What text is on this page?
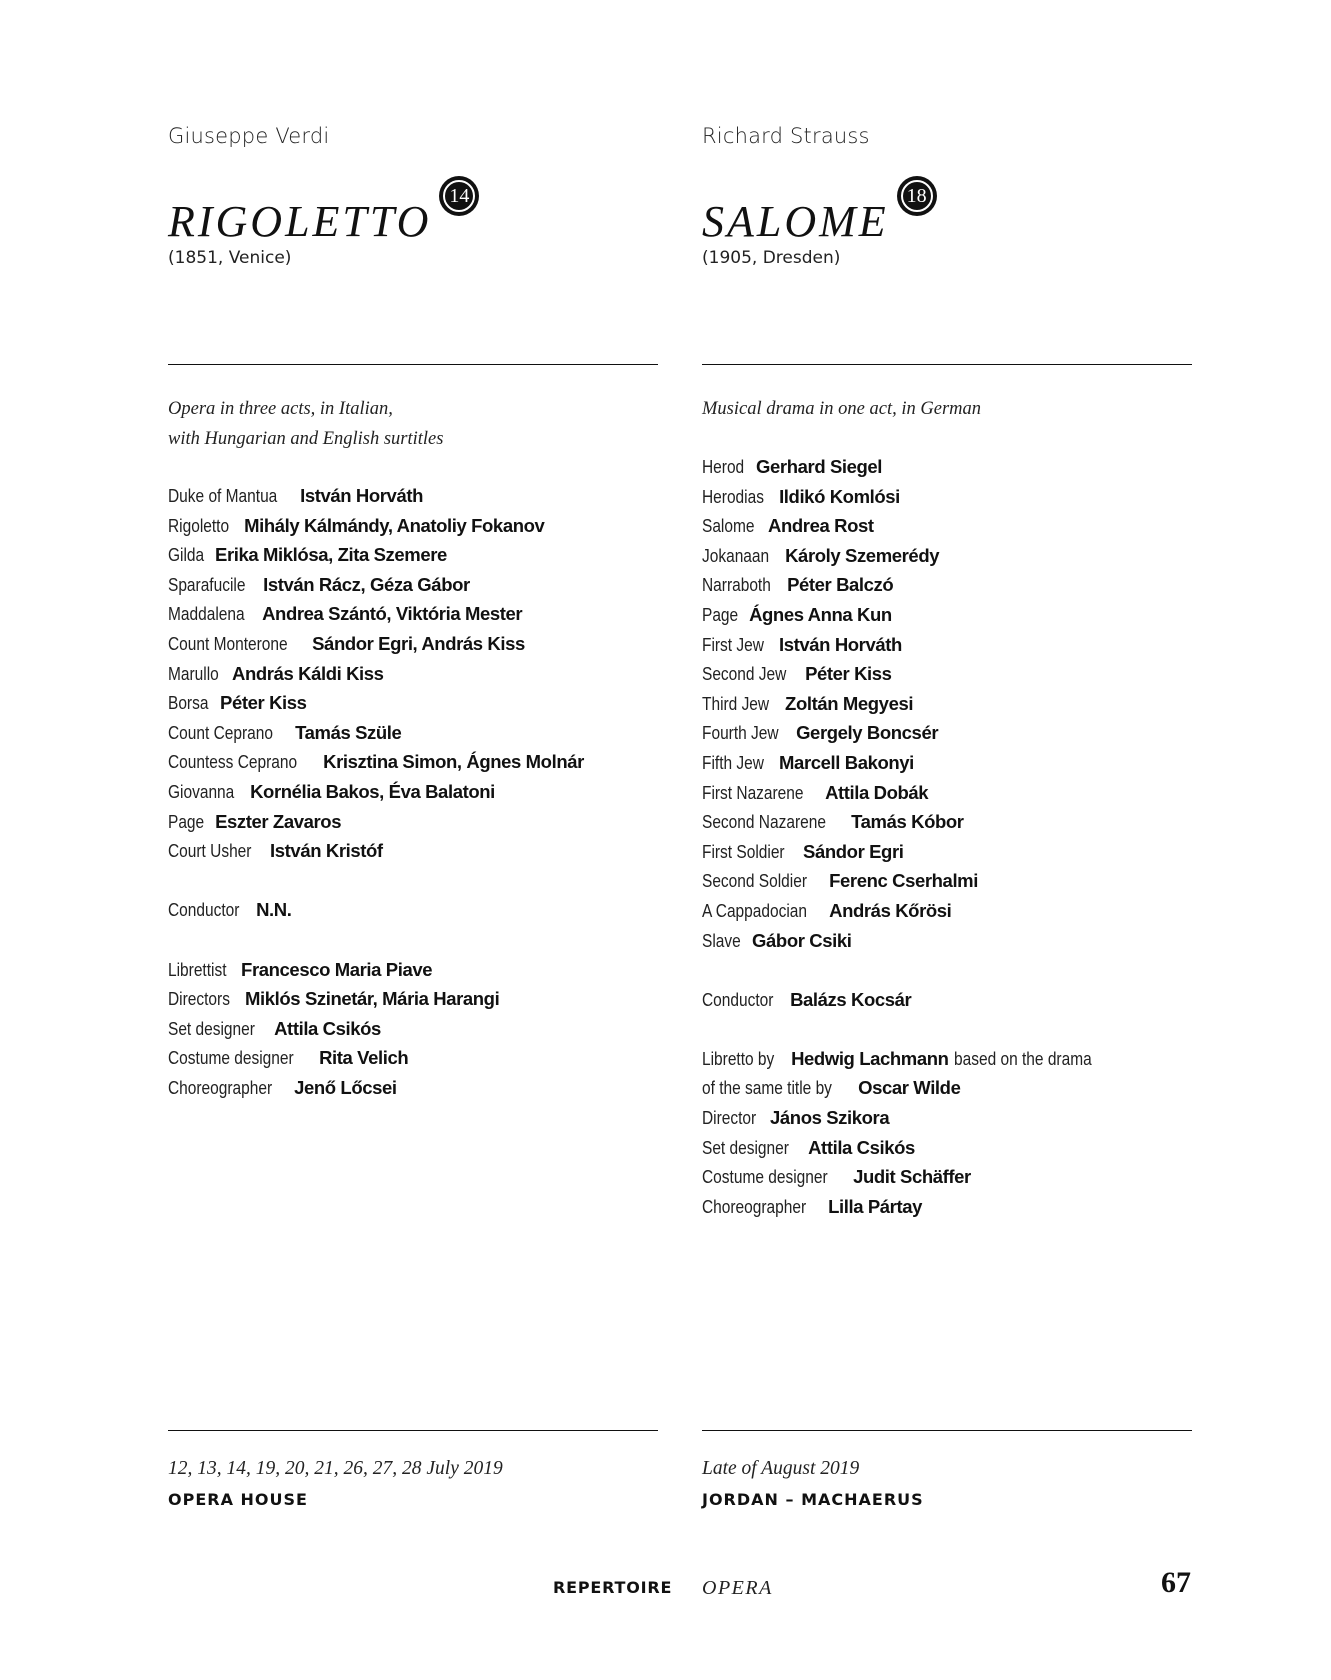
Giuseppe Verdi
RIGOLETTO
14
(1851, Venice)
Opera in three acts, in Italian,
with Hungarian and English surtitles
Duke of Mantua István Horváth
Rigoletto Mihály Kálmándy, Anatoliy Fokanov
Gilda Erika Miklósa, Zita Szemere
Sparafucile István Rácz, Géza Gábor
Maddalena Andrea Szántó, Viktória Mester
Count Monterone Sándor Egri, András Kiss
Marullo András Káldi Kiss
Borsa Péter Kiss
Count Ceprano Tamás Szüle
Countess Ceprano Krisztina Simon, Ágnes Molnár
Giovanna Kornélia Bakos, Éva Balatoni
Page Eszter Zavaros
Court Usher István Kristóf
Conductor N.N.
Librettist Francesco Maria Piave
Directors Miklós Szinetár, Mária Harangi
Set designer Attila Csikós
Costume designer Rita Velich
Choreographer Jenő Lőcsei
12, 13, 14, 19, 20, 21, 26, 27, 28 July 2019
OPERA HOUSE
Richard Strauss
SALOME
18
(1905, Dresden)
Musical drama in one act, in German
Herod Gerhard Siegel
Herodias Ildikó Komlósi
Salome Andrea Rost
Jokanaan Károly Szemerédy
Narraboth Péter Balczó
Page Ágnes Anna Kun
First Jew István Horváth
Second Jew Péter Kiss
Third Jew Zoltán Megyesi
Fourth Jew Gergely Boncsér
Fifth Jew Marcell Bakonyi
First Nazarene Attila Dobák
Second Nazarene Tamás Kóbor
First Soldier Sándor Egri
Second Soldier Ferenc Cserhalmi
A Cappadocian András Kőrösi
Slave Gábor Csiki
Conductor Balázs Kocsár
Libretto by Hedwig Lachmann based on the drama
of the same title by Oscar Wilde
Director János Szikora
Set designer Attila Csikós
Costume designer Judit Schäffer
Choreographer Lilla Pártay
Late of August 2019
JORDAN – MACHAERUS
REPERTOIRE OPERA	67
